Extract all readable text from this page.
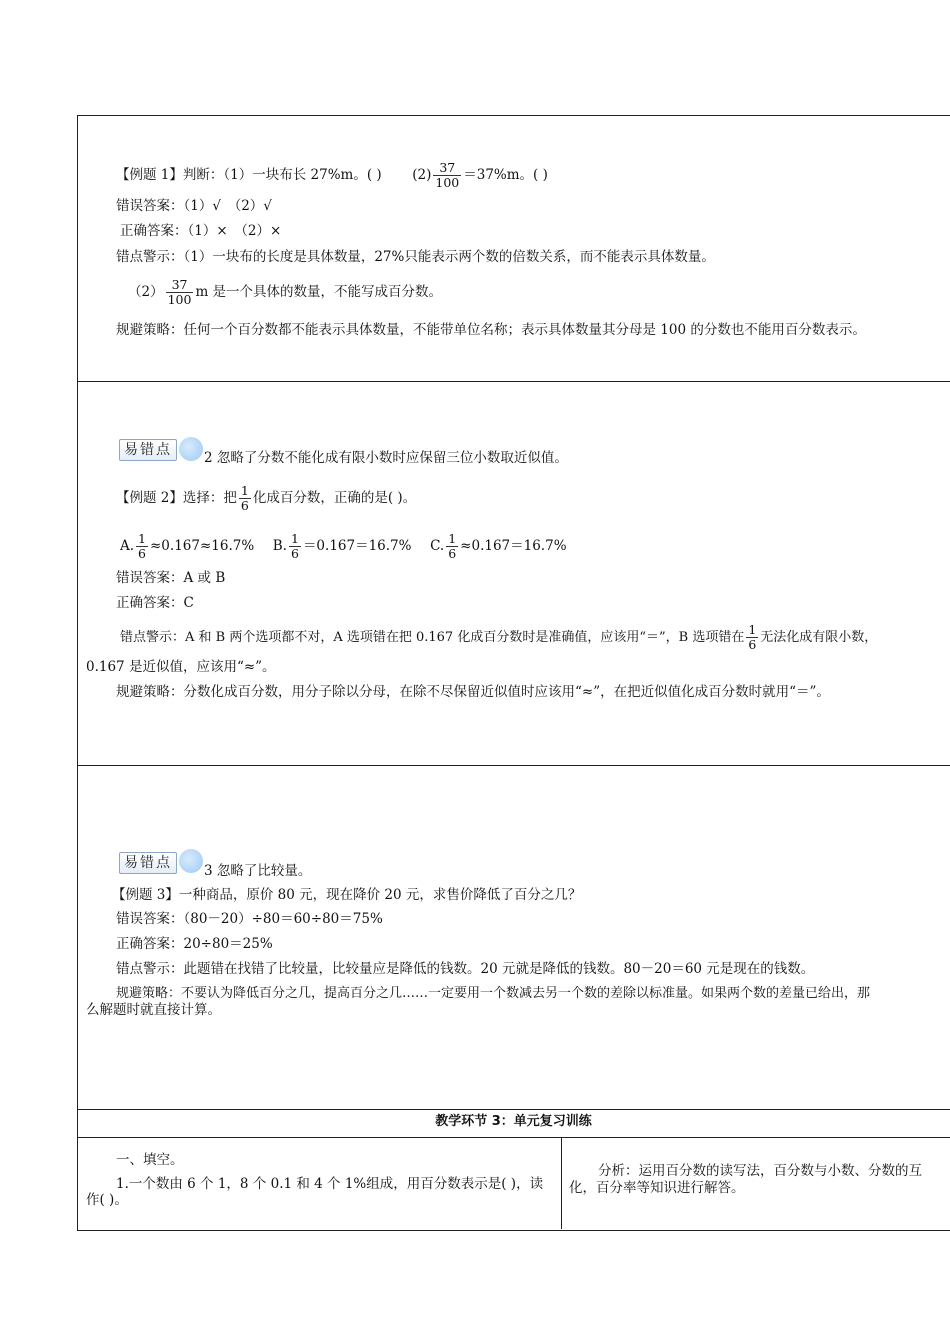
【例题 1】判断：（1）一块布长 27%m。( ) $(2) \frac{37}{100} =37\%m$。( )
错误答案：（1）√　（2）√
正确答案：（1）×　（2）×
错点警示：（1）一块布的长度是具体数量，27%只能表示两个数的倍数关系，而不能表示具体数量。
$(2) \frac{37}{100}$ m 是一个具体的数量，不能写成百分数。
规避策略：任何一个百分数都不能表示具体数量，不能带单位名称；表示具体数量其分母是 100 的分数也不能用百分数表示。
易错点	2 忽略了分数不能化成有限小数时应保留三位小数取近似值。
【例题 2】选择：把 $\frac{1}{6}$ 化成百分数，正确的是( )。
A. $\frac{1}{6} \approx 0.167\approx 16.7\%$ B. $\frac{1}{6} =0.167=16.7\%$ C. $\frac{1}{6} \approx 0.167=16.7\%$
错误答案：A 或 B
正确答案：C
错点警示：A 和 B 两个选项都不对，A 选项错在把 0.167 化成百分数时是准确值，应该用“＝”，B 选项错在 $\frac{1}{6}$ 无法化成有限小数，
0.167 是近似值，应该用“≈”。
规避策略：分数化成百分数，用分子除以分母，在除不尽保留近似值时应该用“≈”，在把近似值化成百分数时就用“＝”。
易错点	3 忽略了比较量。
【例题 3】一种商品，原价 80 元，现在降价 20 元，求售价降低了百分之几？
错误答案：（80－20）÷80＝60÷80＝75%
正确答案：20÷80＝25%
错点警示：此题错在找错了比较量，比较量应是降低的钱数。20 元就是降低的钱数。80－20＝60 元是现在的钱数。
规避策略：不要认为降低百分之几，提高百分之几……一定要用一个数减去另一个数的差除以标准量。如果两个数的差量已给出，那
么解题时就直接计算。
教学环节 3：单元复习训练
一、填空。
1.一个数由 6 个 1，8 个 0.1 和 4 个 1%组成，用百分数表示是( )，读
作( )。
分析：运用百分数的读写法，百分数与小数、分数的互
化，百分率等知识进行解答。
